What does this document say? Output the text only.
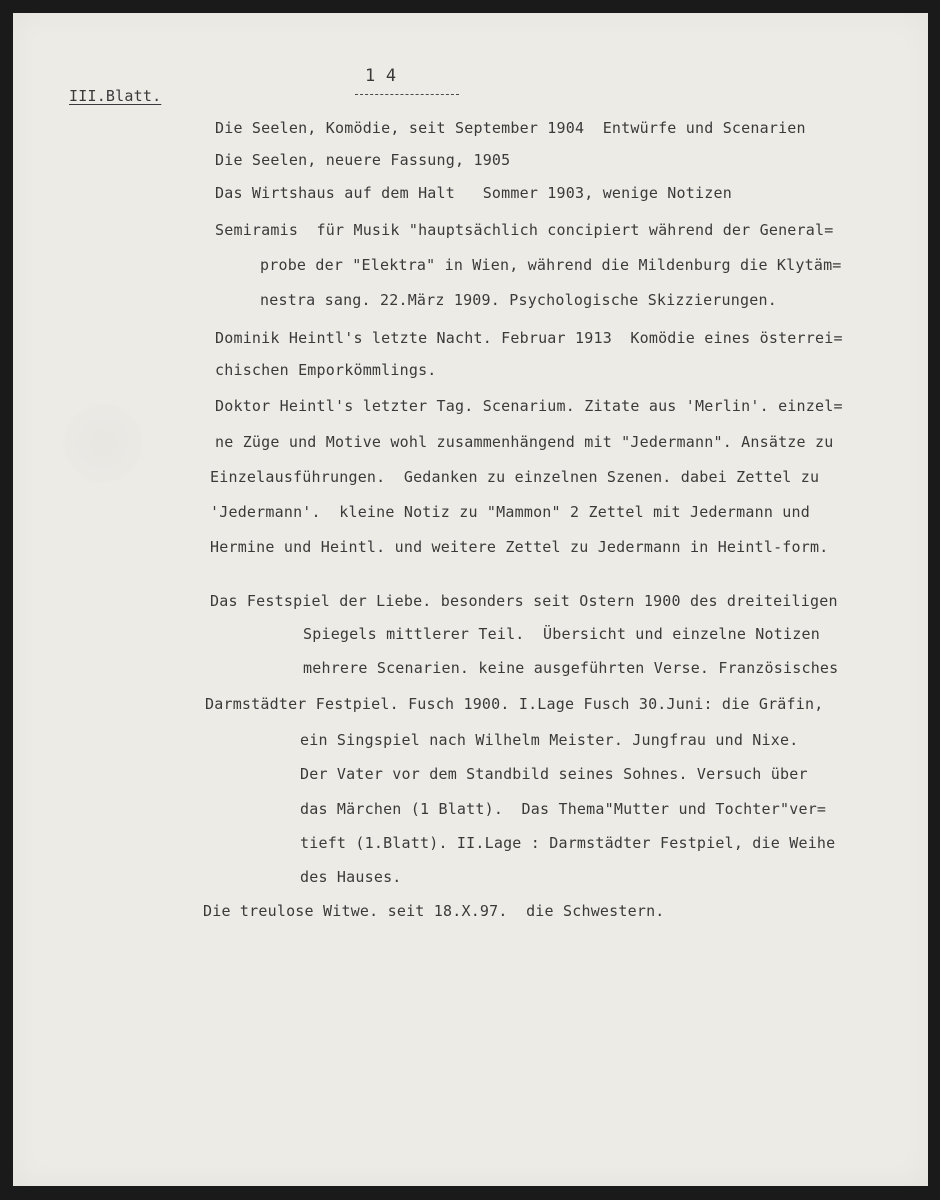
III.Blatt.
1 4
Die Seelen, Komödie, seit September 1904  Entwürfe und Scenarien
Die Seelen, neuere Fassung, 1905
Das Wirtshaus auf dem Halt   Sommer 1903, wenige Notizen
Semiramis  für Musik "hauptsächlich concipiert während der General=
probe der "Elektra" in Wien, während die Mildenburg die Klytäm=
nestra sang. 22.März 1909. Psychologische Skizzierungen.
Dominik Heintl's letzte Nacht. Februar 1913  Komödie eines österrei=
chischen Emporkömmlings.
Doktor Heintl's letzter Tag. Scenarium. Zitate aus 'Merlin'. einzel=
ne Züge und Motive wohl zusammenhängend mit "Jedermann". Ansätze zu
Einzelausführungen.  Gedanken zu einzelnen Szenen. dabei Zettel zu
'Jedermann'.  kleine Notiz zu "Mammon" 2 Zettel mit Jedermann und
Hermine und Heintl. und weitere Zettel zu Jedermann in Heintl-form.
Das Festspiel der Liebe. besonders seit Ostern 1900 des dreiteiligen
Spiegels mittlerer Teil.  Übersicht und einzelne Notizen
mehrere Scenarien. keine ausgeführten Verse. Französisches
Darmstädter Festpiel. Fusch 1900. I.Lage Fusch 30.Juni: die Gräfin,
ein Singspiel nach Wilhelm Meister. Jungfrau und Nixe.
Der Vater vor dem Standbild seines Sohnes. Versuch über
das Märchen (1 Blatt).  Das Thema"Mutter und Tochter"ver=
tieft (1.Blatt). II.Lage : Darmstädter Festpiel, die Weihe
des Hauses.
Die treulose Witwe. seit 18.X.97.  die Schwestern.
